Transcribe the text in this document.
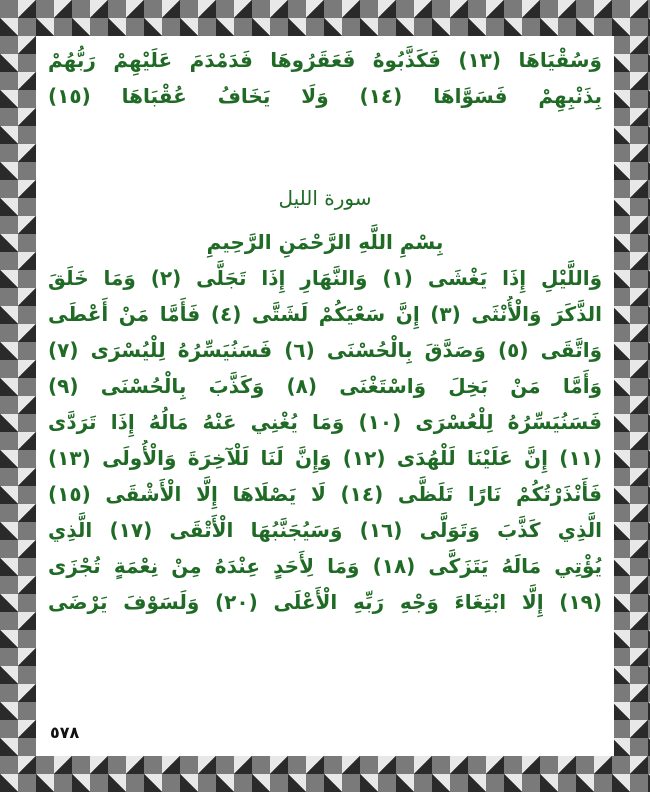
وَسُقْيَاهَا (١٣) فَكَذَّبُوهُ فَعَقَرُوهَا فَدَمْدَمَ عَلَيْهِمْ رَبُّهُمْ
بِذَنْبِهِمْ فَسَوَّاهَا (١٤) وَلَا يَخَافُ عُقْبَاهَا (١٥)
سورة الليل
بِسْمِ اللَّهِ الرَّحْمَنِ الرَّحِيمِ
وَاللَّيْلِ إِذَا يَغْشَى (١) وَالنَّهَارِ إِذَا تَجَلَّى (٢) وَمَا خَلَقَ
الذَّكَرَ وَالْأُنْثَى (٣) إِنَّ سَعْيَكُمْ لَشَتَّى (٤) فَأَمَّا مَنْ أَعْطَى
وَاتَّقَى (٥) وَصَدَّقَ بِالْحُسْنَى (٦) فَسَنُيَسِّرُهُ لِلْيُسْرَى (٧)
وَأَمَّا مَنْ بَخِلَ وَاسْتَغْنَى (٨) وَكَذَّبَ بِالْحُسْنَى (٩)
فَسَنُيَسِّرُهُ لِلْعُسْرَى (١٠) وَمَا يُغْنِي عَنْهُ مَالُهُ إِذَا تَرَدَّى
(١١) إِنَّ عَلَيْنَا لَلْهُدَى (١٢) وَإِنَّ لَنَا لَلْآخِرَةَ وَالْأُولَى (١٣)
فَأَنْذَرْتُكُمْ نَارًا تَلَظَّى (١٤) لَا يَصْلَاهَا إِلَّا الْأَشْقَى (١٥)
الَّذِي كَذَّبَ وَتَوَلَّى (١٦) وَسَيُجَنَّبُهَا الْأَتْقَى (١٧) الَّذِي
يُؤْتِي مَالَهُ يَتَزَكَّى (١٨) وَمَا لِأَحَدٍ عِنْدَهُ مِنْ نِعْمَةٍ تُجْزَى
(١٩) إِلَّا ابْتِغَاءَ وَجْهِ رَبِّهِ الْأَعْلَى (٢٠) وَلَسَوْفَ يَرْضَى
٥٧٨
